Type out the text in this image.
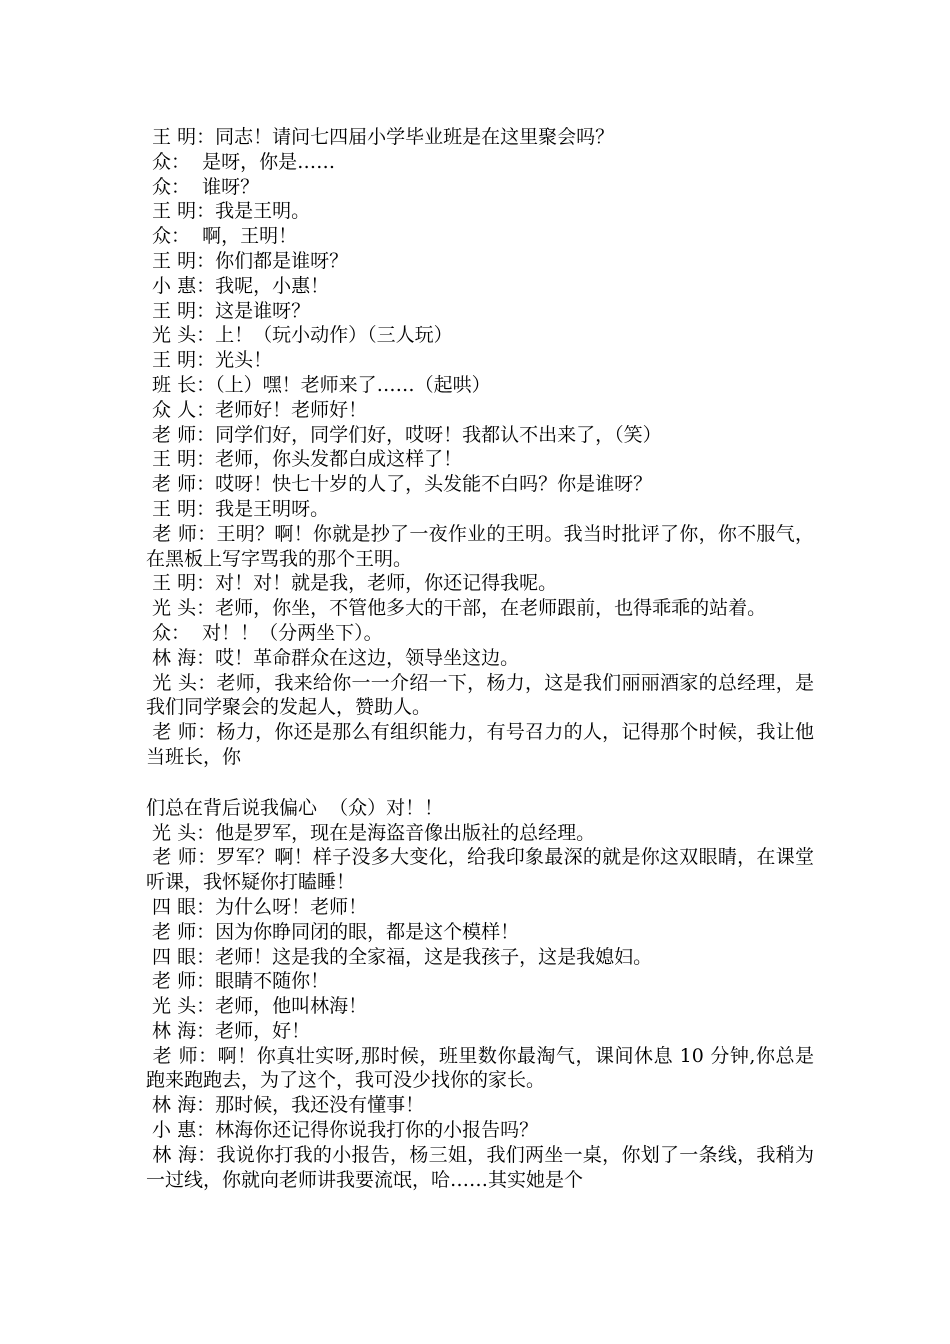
王 明：同志！请问七四届小学毕业班是在这里聚会吗？

众：  是呀，你是……

众：  谁呀？

王 明：我是王明。

众：  啊，王明！

王 明：你们都是谁呀？

小 惠：我呢，小惠！

王 明：这是谁呀？

光 头：上！（玩小动作）（三人玩）

王 明：光头！

班 长：（上）嘿！老师来了……（起哄）

众 人：老师好！老师好！

老 师：同学们好，同学们好，哎呀！我都认不出来了，（笑）

王 明：老师，你头发都白成这样了！

老 师：哎呀！快七十岁的人了，头发能不白吗？你是谁呀？

王 明：我是王明呀。

老 师：王明？啊！你就是抄了一夜作业的王明。我当时批评了你，你不服气，在黑板上写字骂我的那个王明。

王 明：对！对！就是我，老师，你还记得我呢。

光 头：老师，你坐，不管他多大的干部，在老师跟前，也得乖乖的站着。

众：  对！！（分两坐下）。

林 海：哎！革命群众在这边，领导坐这边。

光 头：老师，我来给你一一介绍一下，杨力，这是我们丽丽酒家的总经理，是我们同学聚会的发起人，赞助人。

老 师：杨力，你还是那么有组织能力，有号召力的人，记得那个时候，我让他当班长，你

们总在背后说我偏心  （众）对！！

光 头：他是罗军，现在是海盗音像出版社的总经理。

老 师：罗军？啊！样子没多大变化，给我印象最深的就是你这双眼睛，在课堂听课，我怀疑你打瞌睡！

四 眼：为什么呀！老师！

老 师：因为你睁同闭的眼，都是这个模样！

四 眼：老师！这是我的全家福，这是我孩子，这是我媳妇。

老 师：眼睛不随你！

光 头：老师，他叫林海！

林 海：老师，好！

老 师：啊！你真壮实呀,那时候，班里数你最淘气，课间休息 10 分钟,你总是跑来跑跑去，为了这个，我可没少找你的家长。

林 海：那时候，我还没有懂事！

小 惠：林海你还记得你说我打你的小报告吗？

林 海：我说你打我的小报告，杨三姐，我们两坐一桌，你划了一条线，我稍为一过线，你就向老师讲我要流氓，哈……其实她是个
